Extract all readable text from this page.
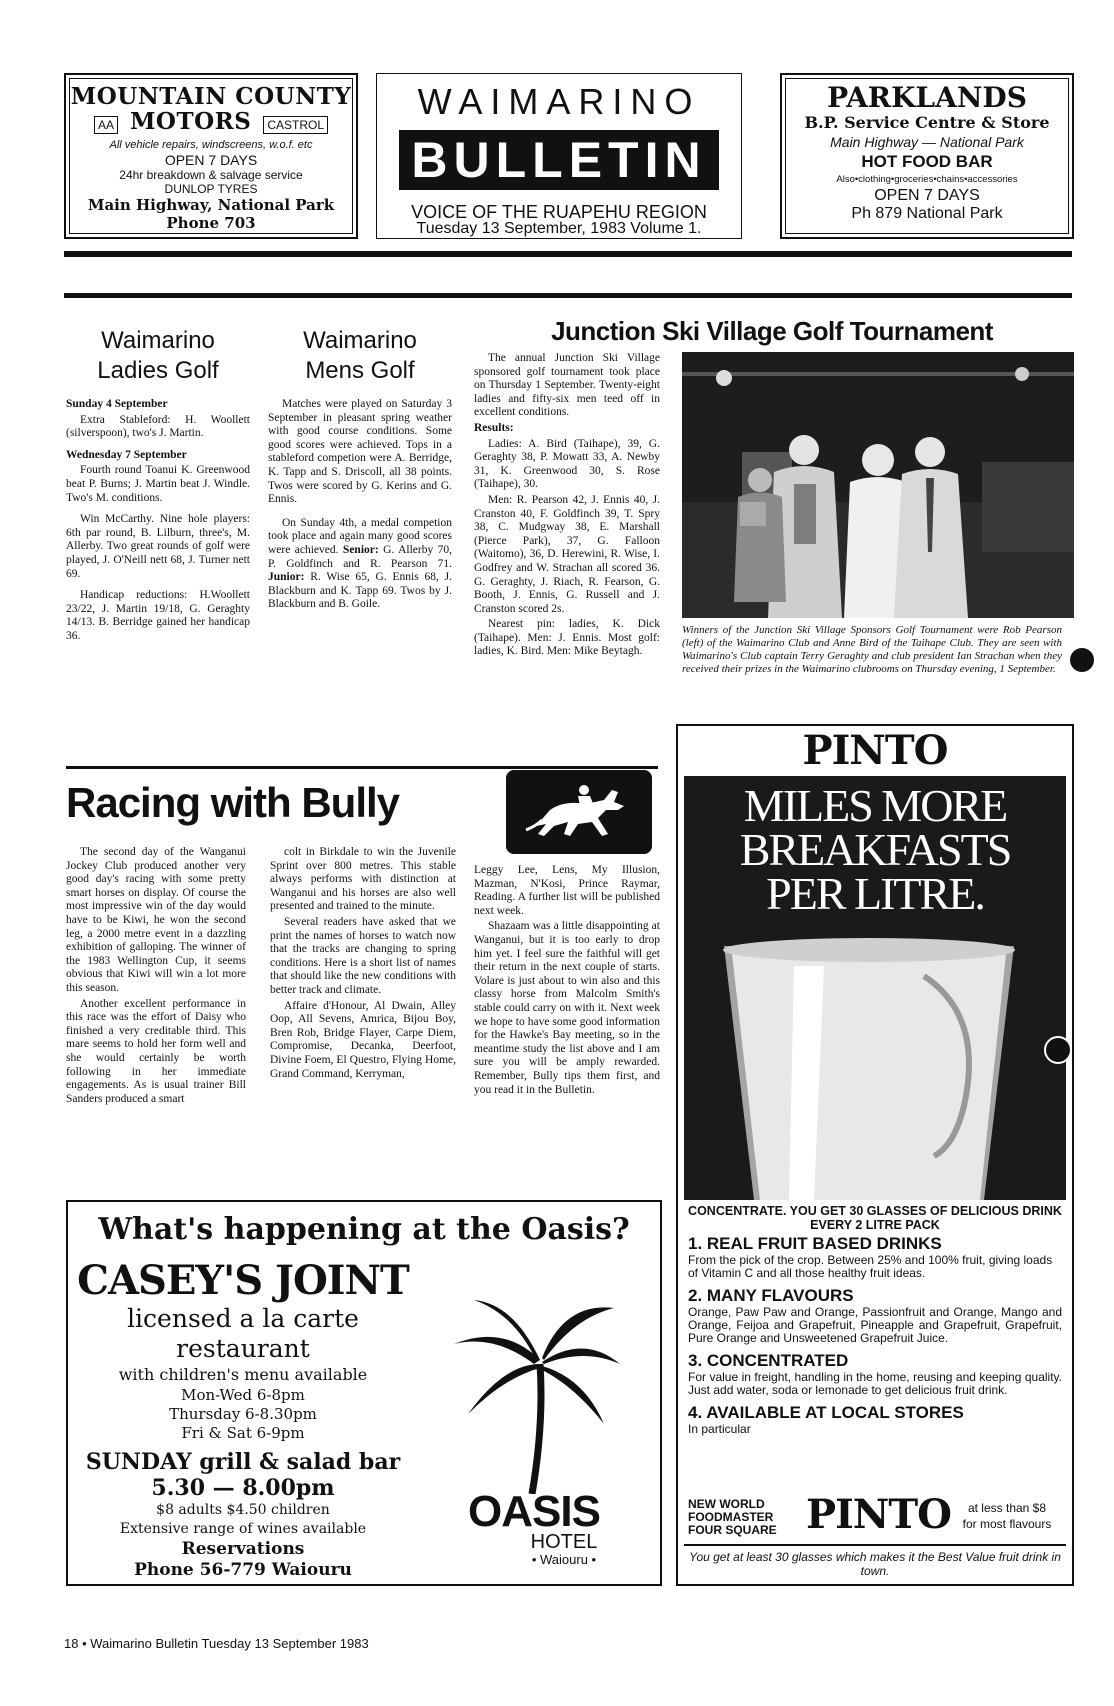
MOUNTAIN COUNTY
AA MOTORS CASTROL
All vehicle repairs, windscreens, w.o.f. etc
OPEN 7 DAYS
24hr breakdown & salvage service
DUNLOP TYRES
Main Highway, National Park
Phone 703
WAIMARINO
BULLETIN
VOICE OF THE RUAPEHU REGION
Tuesday 13 September, 1983 Volume 1.
PARKLANDS
B.P. Service Centre & Store
Main Highway — National Park
HOT FOOD BAR
Also•clothing•groceries•chains•accessories
OPEN 7 DAYS
Ph 879 National Park
Waimarino
Ladies Golf

Sunday 4 September

Extra Stableford: H. Woollett (silverspoon), two's J. Martin.

Wednesday 7 September

Fourth round Toanui K. Greenwood beat P. Burns; J. Martin beat J. Windle. Two's M. conditions.

Win McCarthy. Nine hole players: 6th par round, B. Lilburn, three's, M. Allerby. Two great rounds of golf were played, J. O'Neill nett 68, J. Turner nett 69.

Handicap reductions: H.Woollett 23/22, J. Martin 19/18, G. Geraghty 14/13. B. Berridge gained her handicap 36.

Waimarino
Mens Golf

Matches were played on Saturday 3 September in pleasant spring weather with good course conditions. Some good scores were achieved. Tops in a stableford competion were A. Berridge, K. Tapp and S. Driscoll, all 38 points. Twos were scored by G. Kerins and G. Ennis.

On Sunday 4th, a medal competion took place and again many good scores were achieved. Senior: G. Allerby 70, P. Goldfinch and R. Pearson 71. Junior: R. Wise 65, G. Ennis 68, J. Blackburn and K. Tapp 69. Twos by J. Blackburn and B. Goile.

Junction Ski Village Golf Tournament

The annual Junction Ski Village sponsored golf tournament took place on Thursday 1 September. Twenty-eight ladies and fifty-six men teed off in excellent conditions.

Results:

Ladies: A. Bird (Taihape), 39, G. Geraghty 38, P. Mowatt 33, A. Newby 31, K. Greenwood 30, S. Rose (Taihape), 30.

Men: R. Pearson 42, J. Ennis 40, J. Cranston 40, F. Goldfinch 39, T. Spry 38, C. Mudgway 38, E. Marshall (Pierce Park), 37, G. Falloon (Waitomo), 36, D. Herewini, R. Wise, I. Godfrey and W. Strachan all scored 36. G. Geraghty, J. Riach, R. Fearson, G. Booth, J. Ennis, G. Russell and J. Cranston scored 2s.

Nearest pin: ladies, K. Dick (Taihape). Men: J. Ennis. Most golf: ladies, K. Bird. Men: Mike Beytagh.

Winners of the Junction Ski Village Sponsors Golf Tournament were Rob Pearson (left) of the Waimarino Club and Anne Bird of the Taihape Club. They are seen with Waimarino's Club captain Terry Geraghty and club president Ian Strachan when they received their prizes in the Waimarino clubrooms on Thursday evening, 1 September.
Racing with Bully

The second day of the Wanganui Jockey Club produced another very good day's racing with some pretty smart horses on display. Of course the most impressive win of the day would have to be Kiwi, he won the second leg, a 2000 metre event in a dazzling exhibition of galloping. The winner of the 1983 Wellington Cup, it seems obvious that Kiwi will win a lot more this season.

Another excellent performance in this race was the effort of Daisy who finished a very creditable third. This mare seems to hold her form well and she would certainly be worth following in her immediate engagements. As is usual trainer Bill Sanders produced a smart

colt in Birkdale to win the Juvenile Sprint over 800 metres. This stable always performs with distinction at Wanganui and his horses are also well presented and trained to the minute.

Several readers have asked that we print the names of horses to watch now that the tracks are changing to spring conditions. Here is a short list of names that should like the new conditions with better track and climate.

Affaire d'Honour, Al Dwain, Alley Oop, All Sevens, Amrica, Bijou Boy, Bren Rob, Bridge Flayer, Carpe Diem, Compromise, Decanka, Deerfoot, Divine Foem, El Questro, Flying Home, Grand Command, Kerryman,

Leggy Lee, Lens, My Illusion, Mazman, N'Kosi, Prince Raymar, Reading. A further list will be published next week.

Shazaam was a little disappointing at Wanganui, but it is too early to drop him yet. I feel sure the faithful will get their return in the next couple of starts. Volare is just about to win also and this classy horse from Malcolm Smith's stable could carry on with it. Next week we hope to have some good information for the Hawke's Bay meeting, so in the meantime study the list above and I am sure you will be amply rewarded. Remember, Bully tips them first, and you read it in the Bulletin.

PINTO
MILES MORE
BREAKFASTS
PER LITRE.
CONCENTRATE. YOU GET 30 GLASSES OF DELICIOUS DRINK EVERY 2 LITRE PACK
1. REAL FRUIT BASED DRINKS
From the pick of the crop. Between 25% and 100% fruit, giving loads of Vitamin C and all those healthy fruit ideas.
2. MANY FLAVOURS
Orange, Paw Paw and Orange, Passionfruit and Orange, Mango and Orange, Feijoa and Grapefruit, Pineapple and Grapefruit, Grapefruit, Pure Orange and Unsweetened Grapefruit Juice.
3. CONCENTRATED
For value in freight, handling in the home, reusing and keeping quality. Just add water, soda or lemonade to get delicious fruit drink.
4. AVAILABLE AT LOCAL STORES
In particular
NEW WORLD
FOODMASTER
FOUR SQUARE PINTO	at less than $8
for most flavours
You get at least 30 glasses which makes it the Best Value fruit drink in town.
What's happening at the Oasis?
CASEY'S JOINT
licensed a la carte restaurant
with children's menu available
Mon-Wed 6-8pm
Thursday 6-8.30pm
Fri & Sat 6-9pm
SUNDAY grill & salad bar
5.30 — 8.00pm
$8 adults $4.50 children
Extensive range of wines available
Reservations
Phone 56-779 Waiouru
OASIS
HOTEL
• Waiouru •
18 • Waimarino Bulletin Tuesday 13 September 1983
